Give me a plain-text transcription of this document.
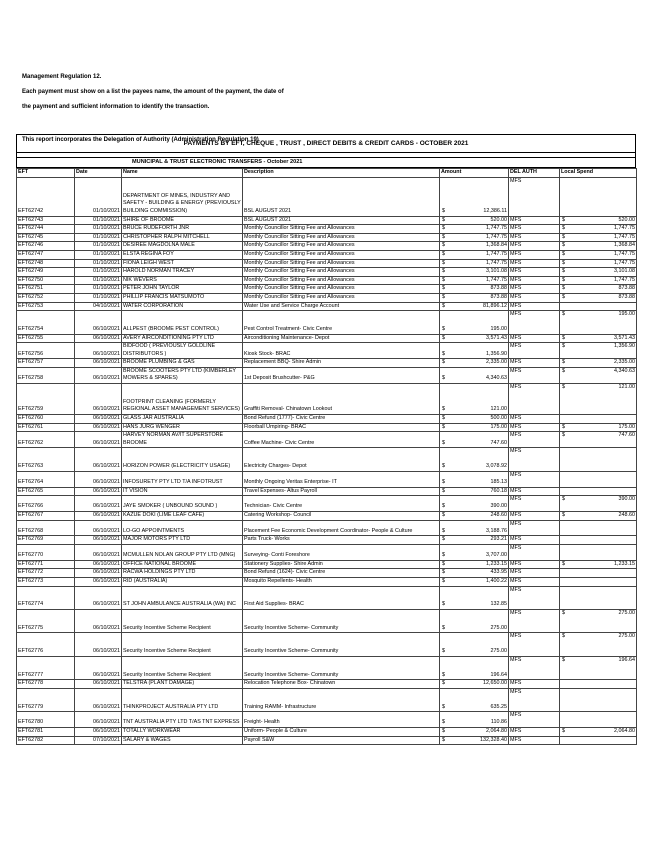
Management Regulation 12.
Each payment must show on a list the payees name, the amount of the payment, the date of
the payment and sufficient information to identify the transaction.
This report incorporates the Delegation of Authority (Administration Regulation 19)
PAYMENTS BY EFT, CHEQUE , TRUST , DIRECT DEBITS & CREDIT CARDS - OCTOBER 2021
MUNICIPAL & TRUST ELECTRONIC TRANSFERS - October 2021
EFT	Date	Name	Description	Amount	DEL AUTH	Local Spend
EFT62742	01/10/2021	DEPARTMENT OF MINES, INDUSTRY AND SAFETY - BUILDING & ENERGY (PREVIOUSLY BUILDING COMMISSION)	BSL AUGUST 2021	$ 12,386.11	MFS	
EFT62743	01/10/2021	SHIRE OF BROOME	BSL AUGUST 2021	$ 520.00	MFS	$ 520.00

EFT62744	01/10/2021	BRUCE RUDEFORTH JNR	Monthly Councillor Sitting Fee and Allowances	$ 1,747.75	MFS	$ 1,747.75

EFT62745	01/10/2021	CHRISTOPHER RALPH MITCHELL	Monthly Councillor Sitting Fee and Allowances	$ 1,747.75	MFS	$ 1,747.75

EFT62746	01/10/2021	DESIREE MAGDOLNA MALE	Monthly Councillor Sitting Fee and Allowances	$ 1,368.84	MFS	$ 1,368.84

EFT62747	01/10/2021	ELSTA REGINA FOY	Monthly Councillor Sitting Fee and Allowances	$ 1,747.75	MFS	$ 1,747.75

EFT62748	01/10/2021	FIONA LEIGH WEST	Monthly Councillor Sitting Fee and Allowances	$ 1,747.75	MFS	$ 1,747.75

EFT62749	01/10/2021	HAROLD NORMAN TRACEY	Monthly Councillor Sitting Fee and Allowances	$ 3,101.08	MFS	$ 3,101.08

EFT62750	01/10/2021	NIK WEVERS	Monthly Councillor Sitting Fee and Allowances	$ 1,747.75	MFS	$ 1,747.75

EFT62751	01/10/2021	PETER JOHN TAYLOR	Monthly Councillor Sitting Fee and Allowances	$ 873.88	MFS	$ 873.88

EFT62752	01/10/2021	PHILLIP FRANCIS MATSUMOTO	Monthly Councillor Sitting Fee and Allowances	$ 873.88	MFS	$ 873.88

EFT62753	04/10/2021	WATER CORPORATION	Water Use and Service Charge Account	$ 81,896.12	MFS	
EFT62754	06/10/2021	ALLPEST (BROOME PEST CONTROL)	Pest Control Treatment- Civic Centre	$ 195.00	MFS	$ 195.00

EFT62755	06/10/2021	AVERY AIRCONDITIONING PTY LTD	Airconditioning Maintenance- Depot	$ 3,571.43	MFS	$ 3,571.43

EFT62756	06/10/2021	BIDFOOD ( PREVIOUSLY GOLDLINE DISTRIBUTORS )	Kiosk Stock- BRAC	$ 1,356.90	MFS	$ 1,356.90

EFT62757	06/10/2021	BROOME PLUMBING & GAS	Replacement BBQ- Shire Admin	$ 2,335.00	MFS	$ 2,335.00

EFT62758	06/10/2021	BROOME SCOOTERS PTY LTD (KIMBERLEY MOWERS & SPARES)	1st Deposit Brushcutter- P&G	$ 4,340.63	MFS	$ 4,340.63

EFT62759	06/10/2021	FOOTPRINT CLEANING (FORMERLY REGIONAL ASSET MANAGEMENT SERVICES)	Graffiti Removal- Chinatown Lookout	$ 121.00	MFS	$ 121.00

EFT62760	06/10/2021	GLASS JAR AUSTRALIA	Bond Refund (1777)- Civic Centre	$ 500.00	MFS	
EFT62761	06/10/2021	HANS JURG WENGER	Floorball Umpiring- BRAC	$ 175.00	MFS	$ 175.00

EFT62762	06/10/2021	HARVEY NORMAN AV/IT SUPERSTORE BROOME	Coffee Machine- Civic Centre	$ 747.60	MFS	$ 747.60

EFT62763	06/10/2021	HORIZON POWER (ELECTRICITY USAGE)	Electricity Charges- Depot	$ 3,078.92	MFS	
EFT62764	06/10/2021	INFOSURETY PTY LTD T/A INFOTRUST	Monthly Ongoing Veritas Enterprise- IT	$ 185.13	MFS	
EFT62765	06/10/2021	IT VISION	Travel Expenses- Altus Payroll	$ 760.18	MFS	
EFT62766	06/10/2021	JAYE SMOKER ( UNBOUND SOUND )	Technician- Civic Centre	$ 390.00	MFS	$ 390.00

EFT62767	06/10/2021	KAZUE DOKI (LIME LEAF CAFE)	Catering Workshop- Council	$ 248.60	MFS	$ 248.60

EFT62768	06/10/2021	LO-GO APPOINTMENTS	Placement Fee Economic Development Coordinator- People & Culture	$ 3,188.76	MFS	
EFT62769	06/10/2021	MAJOR MOTORS PTY LTD	Parts Truck- Works	$ 293.21	MFS	
EFT62770	06/10/2021	MCMULLEN NOLAN GROUP PTY LTD (MNG)	Surveying- Conti Foreshore	$ 3,707.00	MFS	
EFT62771	06/10/2021	OFFICE NATIONAL BROOME	Stationery Supplies- Shire Admin	$ 1,233.15	MFS	$ 1,233.15

EFT62772	06/10/2021	RACWA HOLDINGS PTY LTD	Bond Refund (1624)- Civic Centre	$ 433.95	MFS	
EFT62773	06/10/2021	RID (AUSTRALIA)	Mosquito Repellents- Health	$ 1,400.22	MFS	
EFT62774	06/10/2021	ST JOHN AMBULANCE AUSTRALIA (WA) INC	First Aid Supplies- BRAC	$ 132.85	MFS	
EFT62775	06/10/2021	Security Incentive Scheme Recipient	Security Incentive Scheme- Community	$ 275.00	MFS	$ 275.00

EFT62776	06/10/2021	Security Incentive Scheme Recipient	Security Incentive Scheme- Community	$ 275.00	MFS	$ 275.00

EFT62777	06/10/2021	Security Incentive Scheme Recipient	Security Incentive Scheme- Community	$ 196.64	MFS	$ 196.64

EFT62778	06/10/2021	TELSTRA (PLANT DAMAGE)	Relocation Telephone Box- Chinatown	$ 12,650.00	MFS	
EFT62779	06/10/2021	THINKPROJECT AUSTRALIA PTY LTD	Training RAMM- Infrastructure	$ 635.25	MFS	
EFT62780	06/10/2021	TNT AUSTRALIA PTY LTD T/AS TNT EXPRESS	Freight- Health	$ 110.86	MFS	
EFT62781	06/10/2021	TOTALLY WORKWEAR	Uniform- People & Culture	$ 2,064.80	MFS	$ 2,064.80

EFT62782	07/10/2021	SALARY & WAGES	Payroll S&W	$ 132,328.40	MFS	
